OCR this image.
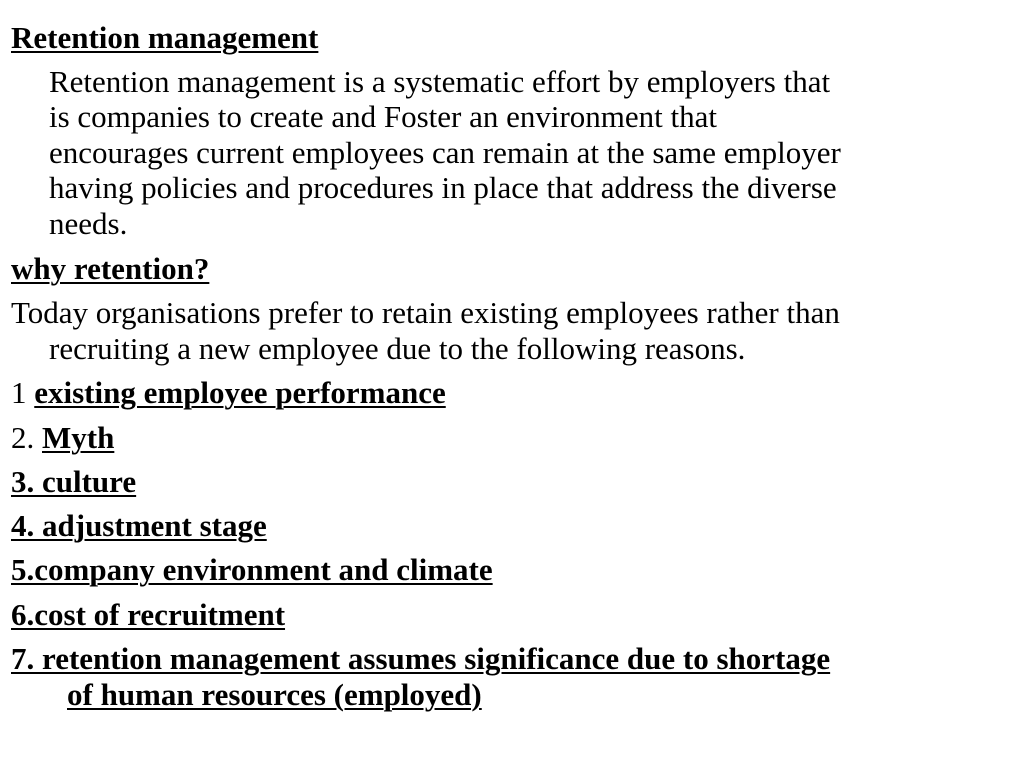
Retention management
Retention management is a systematic effort by employers that
is companies to create and Foster an environment that
encourages current employees can remain at the same employer
having policies and procedures in place that address the diverse
needs.
why retention?
Today organisations prefer to retain existing employees rather than
recruiting a new employee due to the following reasons.
1 existing employee performance
2. Myth
3. culture
4. adjustment stage
5.company environment and climate
6.cost of recruitment
7. retention management assumes significance due to shortage
of human resources (employed)
